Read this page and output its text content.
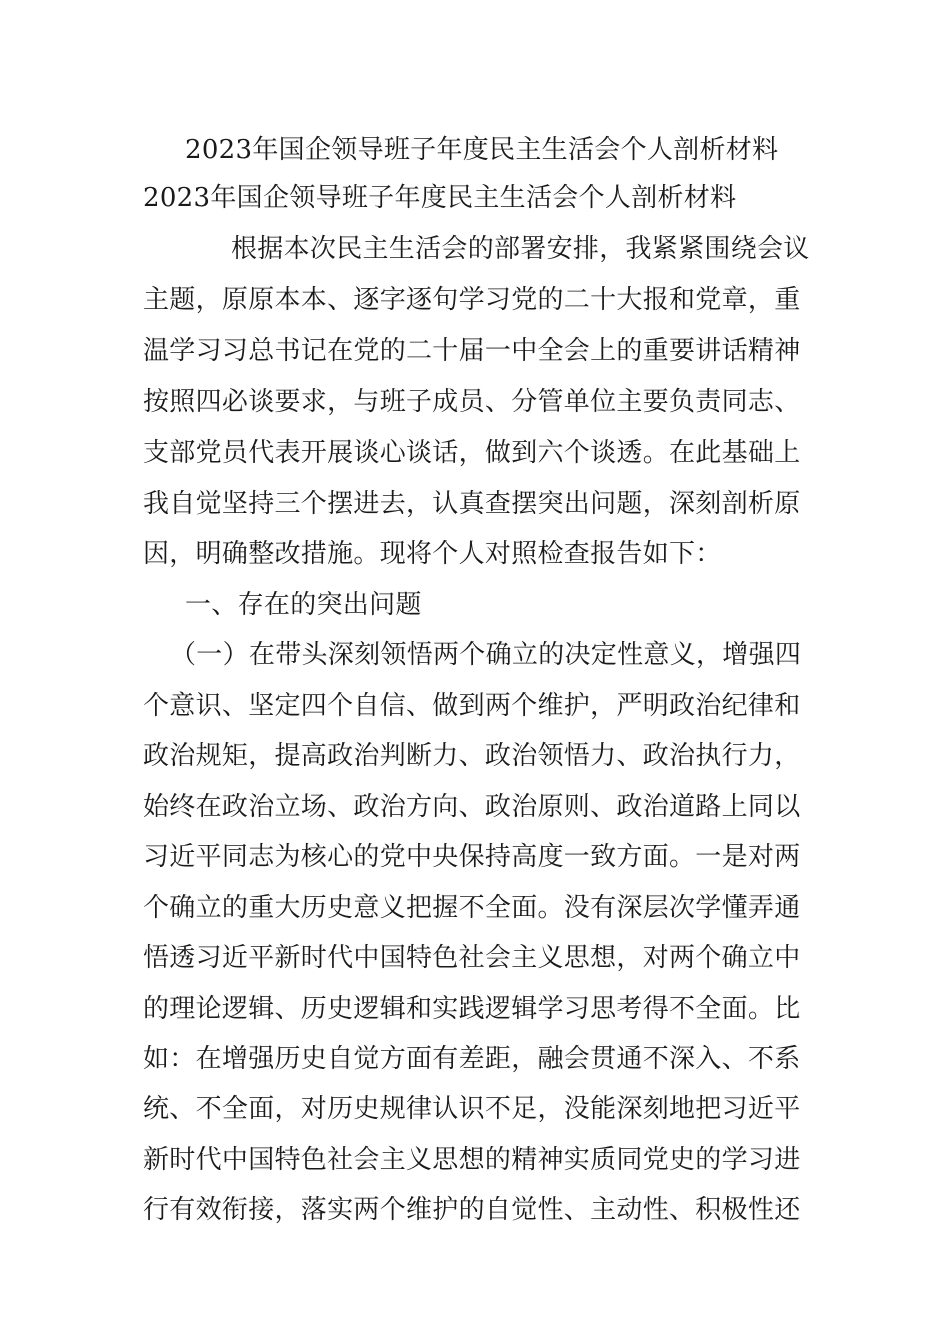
2023年国企领导班子年度民主生活会个人剖析材料
2023年国企领导班子年度民主生活会个人剖析材料
根据本次民主生活会的部署安排，我紧紧围绕会议
主题，原原本本、逐字逐句学习党的二十大报和党章，重
温学习习总书记在党的二十届一中全会上的重要讲话精神
按照四必谈要求，与班子成员、分管单位主要负责同志、
支部党员代表开展谈心谈话，做到六个谈透。在此基础上
我自觉坚持三个摆进去，认真查摆突出问题，深刻剖析原
因，明确整改措施。现将个人对照检查报告如下：
一、存在的突出问题
（一）在带头深刻领悟两个确立的决定性意义，增强四
个意识、坚定四个自信、做到两个维护，严明政治纪律和
政治规矩，提高政治判断力、政治领悟力、政治执行力，
始终在政治立场、政治方向、政治原则、政治道路上同以
习近平同志为核心的党中央保持高度一致方面。一是对两
个确立的重大历史意义把握不全面。没有深层次学懂弄通
悟透习近平新时代中国特色社会主义思想，对两个确立中
的理论逻辑、历史逻辑和实践逻辑学习思考得不全面。比
如：在增强历史自觉方面有差距，融会贯通不深入、不系
统、不全面，对历史规律认识不足，没能深刻地把习近平
新时代中国特色社会主义思想的精神实质同党史的学习进
行有效衔接，落实两个维护的自觉性、主动性、积极性还
